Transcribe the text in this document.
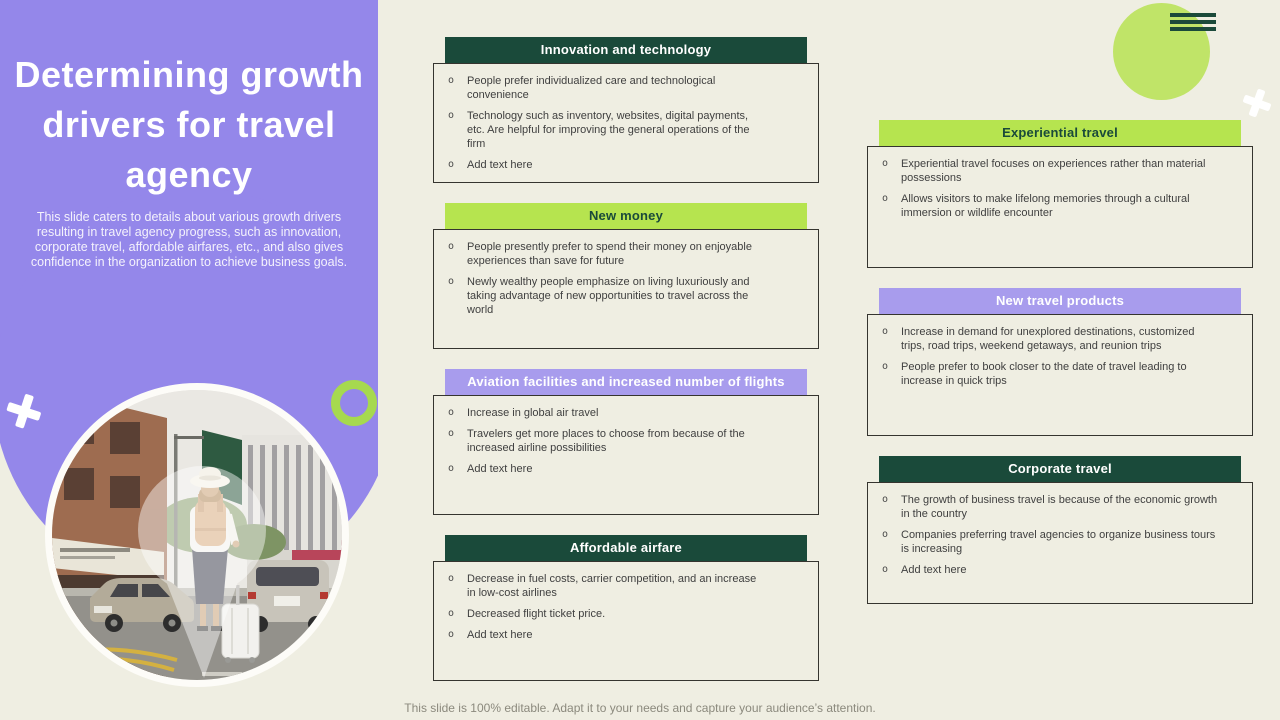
Determining growth drivers for travel agency
This slide caters to details about various growth drivers resulting in travel agency progress, such as innovation, corporate travel, affordable airfares, etc., and also gives confidence in the organization to achieve business goals.
Innovation and technology
o	People prefer individualized care and technological convenience
o	Technology such as inventory, websites, digital payments, etc. Are helpful for improving the general operations of the firm
o	Add text here
New money
o	People presently prefer to spend their money on enjoyable experiences than save for future
o	Newly wealthy people emphasize on living luxuriously and taking advantage of new opportunities to travel across the world
Aviation facilities and increased number of flights
o	Increase in global air travel
o	Travelers get more places to choose from because of the increased airline possibilities
o	Add text here
Affordable airfare
o	Decrease in fuel costs, carrier competition, and an increase in low-cost airlines
o	Decreased flight ticket price.
o	Add text here
Experiential travel
o	Experiential travel focuses on experiences rather than material possessions
o	Allows visitors to make lifelong memories through a cultural immersion or wildlife encounter
New travel products
o	Increase in demand for unexplored destinations, customized trips, road trips, weekend getaways, and reunion trips
o	People prefer to book closer to the date of travel leading to increase in quick trips
Corporate travel
o	The growth of business travel is because of the economic growth in the country
o	Companies preferring travel agencies to organize business tours is increasing
o	Add text here
This slide is 100% editable. Adapt it to your needs and capture your audience’s attention.
